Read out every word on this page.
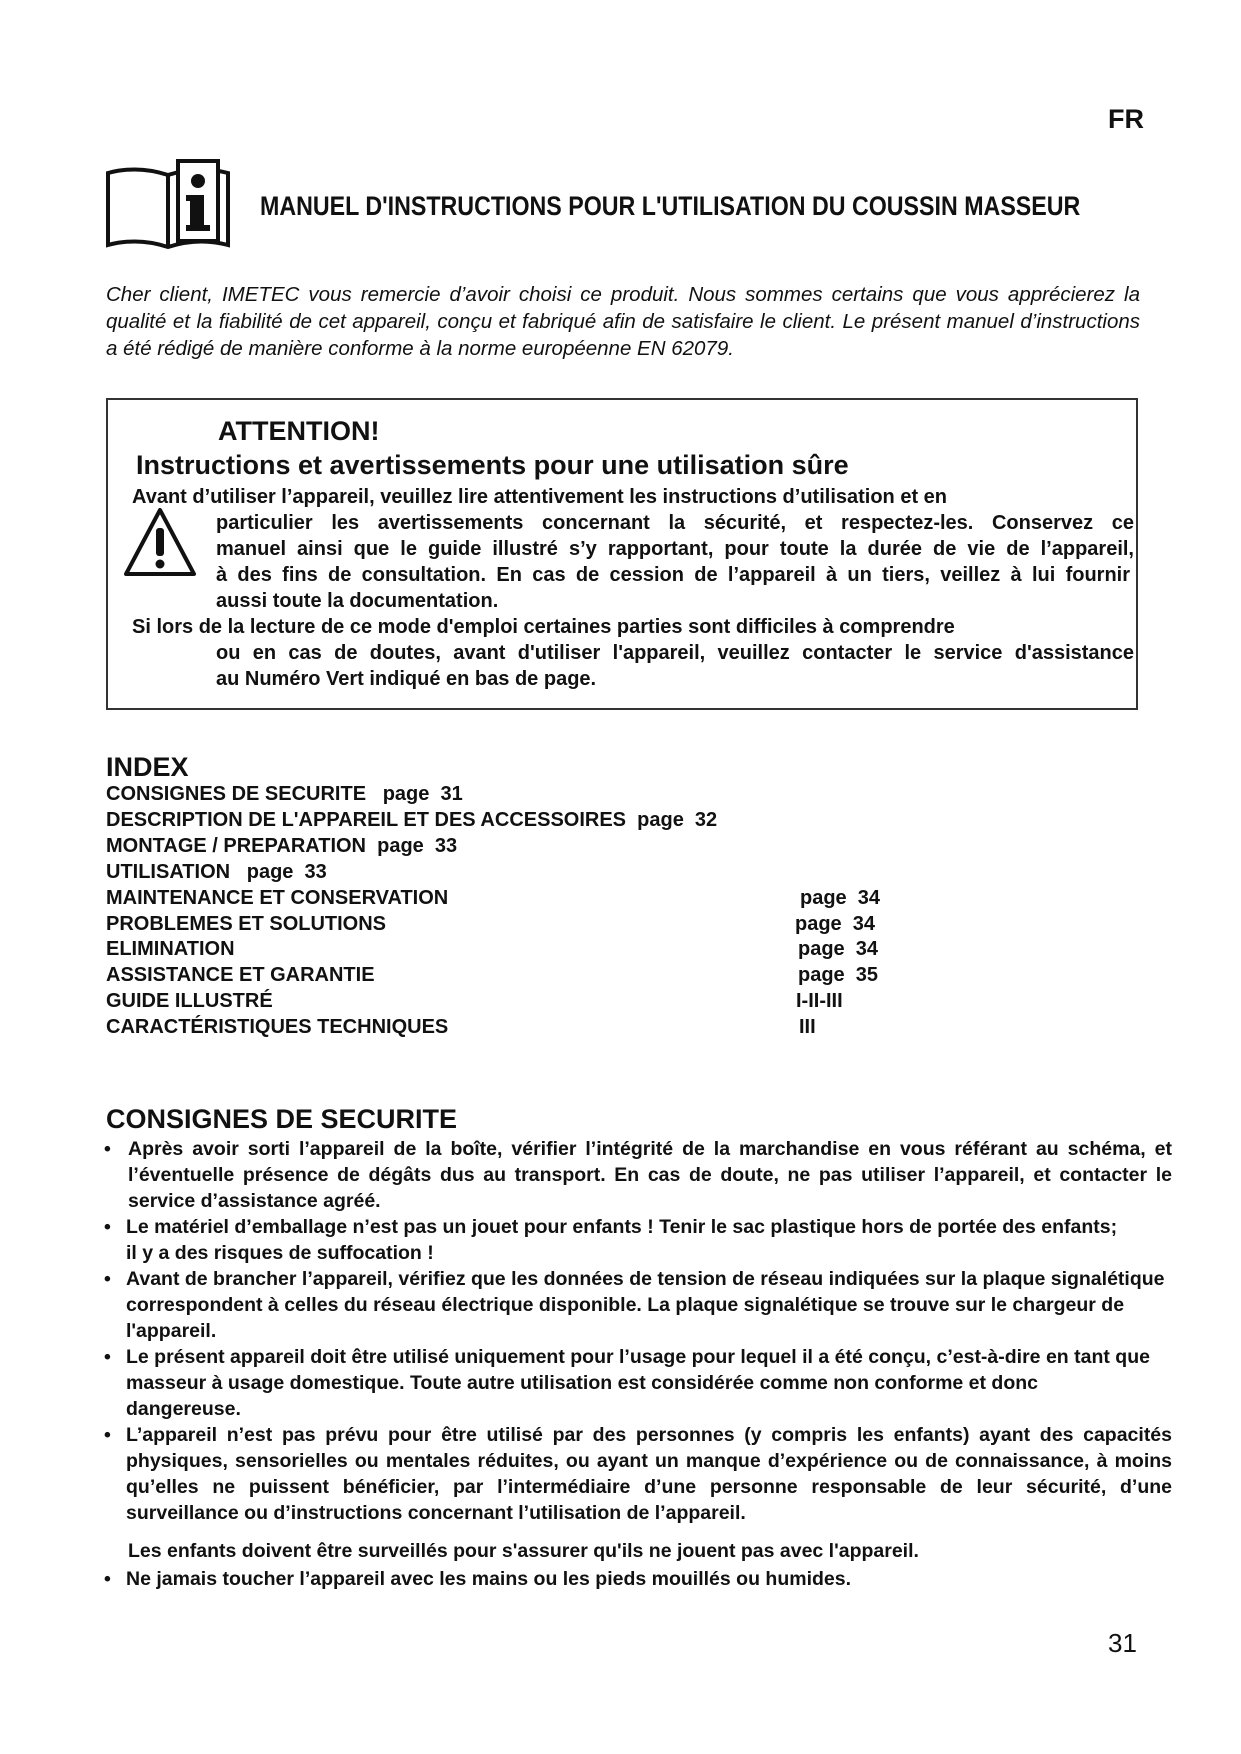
FR
MANUEL D'INSTRUCTIONS POUR L'UTILISATION DU COUSSIN MASSEUR
Cher client, IMETEC vous remercie d’avoir choisi ce produit. Nous sommes certains que vous apprécierez la qualité et la fiabilité de cet appareil, conçu et fabriqué afin de satisfaire le client. Le présent manuel d’instructions a été rédigé de manière conforme à la norme européenne EN 62079.
ATTENTION!
Instructions et avertissements pour une utilisation sûre
Avant d’utiliser l’appareil, veuillez lire attentivement les instructions d’utilisation et en
particulier les avertissements concernant la sécurité, et respectez-les. Conservez ce
manuel ainsi que le guide illustré s’y rapportant, pour toute la durée de vie de l’appareil,
à des fins de consultation. En cas de cession de l’appareil à un tiers, veillez à lui fournir
aussi toute la documentation.
Si lors de la lecture de ce mode d'emploi certaines parties sont difficiles à comprendre
ou en cas de doutes, avant d'utiliser l'appareil, veuillez contacter le service d'assistance
au Numéro Vert indiqué en bas de page.
INDEX
CONSIGNES DE SECURITE   page  31
DESCRIPTION DE L'APPAREIL ET DES ACCESSOIRES  page  32
MONTAGE / PREPARATION  page  33
UTILISATION   page  33
MAINTENANCE ET CONSERVATION	page  34
PROBLEMES ET SOLUTIONS	page  34
ELIMINATION	page  34
ASSISTANCE ET GARANTIE	page  35
GUIDE ILLUSTRÉ	I-II-III
CARACTÉRISTIQUES TECHNIQUES	III
CONSIGNES DE SECURITE
• Après avoir sorti l’appareil de la boîte, vérifier l’intégrité de la marchandise en vous référant au schéma, et l’éventuelle présence de dégâts dus au transport. En cas de doute, ne pas utiliser l’appareil, et contacter le service d’assistance agréé.
• Le matériel d’emballage n’est pas un jouet pour enfants ! Tenir le sac plastique hors de portée des enfants; il y a des risques de suffocation !
• Avant de brancher l’appareil, vérifiez que les données de tension de réseau indiquées sur la plaque signalétique correspondent à celles du réseau électrique disponible. La plaque signalétique se trouve sur le chargeur de l'appareil.
• Le présent appareil doit être utilisé uniquement pour l’usage pour lequel il a été conçu, c’est-à-dire en tant que masseur à usage domestique. Toute autre utilisation est considérée comme non conforme et donc dangereuse.
• L’appareil n’est pas prévu pour être utilisé par des personnes (y compris les enfants) ayant des capacités physiques, sensorielles ou mentales réduites, ou ayant un manque d’expérience ou de connaissance, à moins qu’elles ne puissent bénéficier, par l’intermédiaire d’une personne responsable de leur sécurité, d’une surveillance ou d’instructions concernant l’utilisation de l’appareil.
Les enfants doivent être surveillés pour s'assurer qu'ils ne jouent pas avec l'appareil.
• Ne jamais toucher l’appareil avec les mains ou les pieds mouillés ou humides.
31
